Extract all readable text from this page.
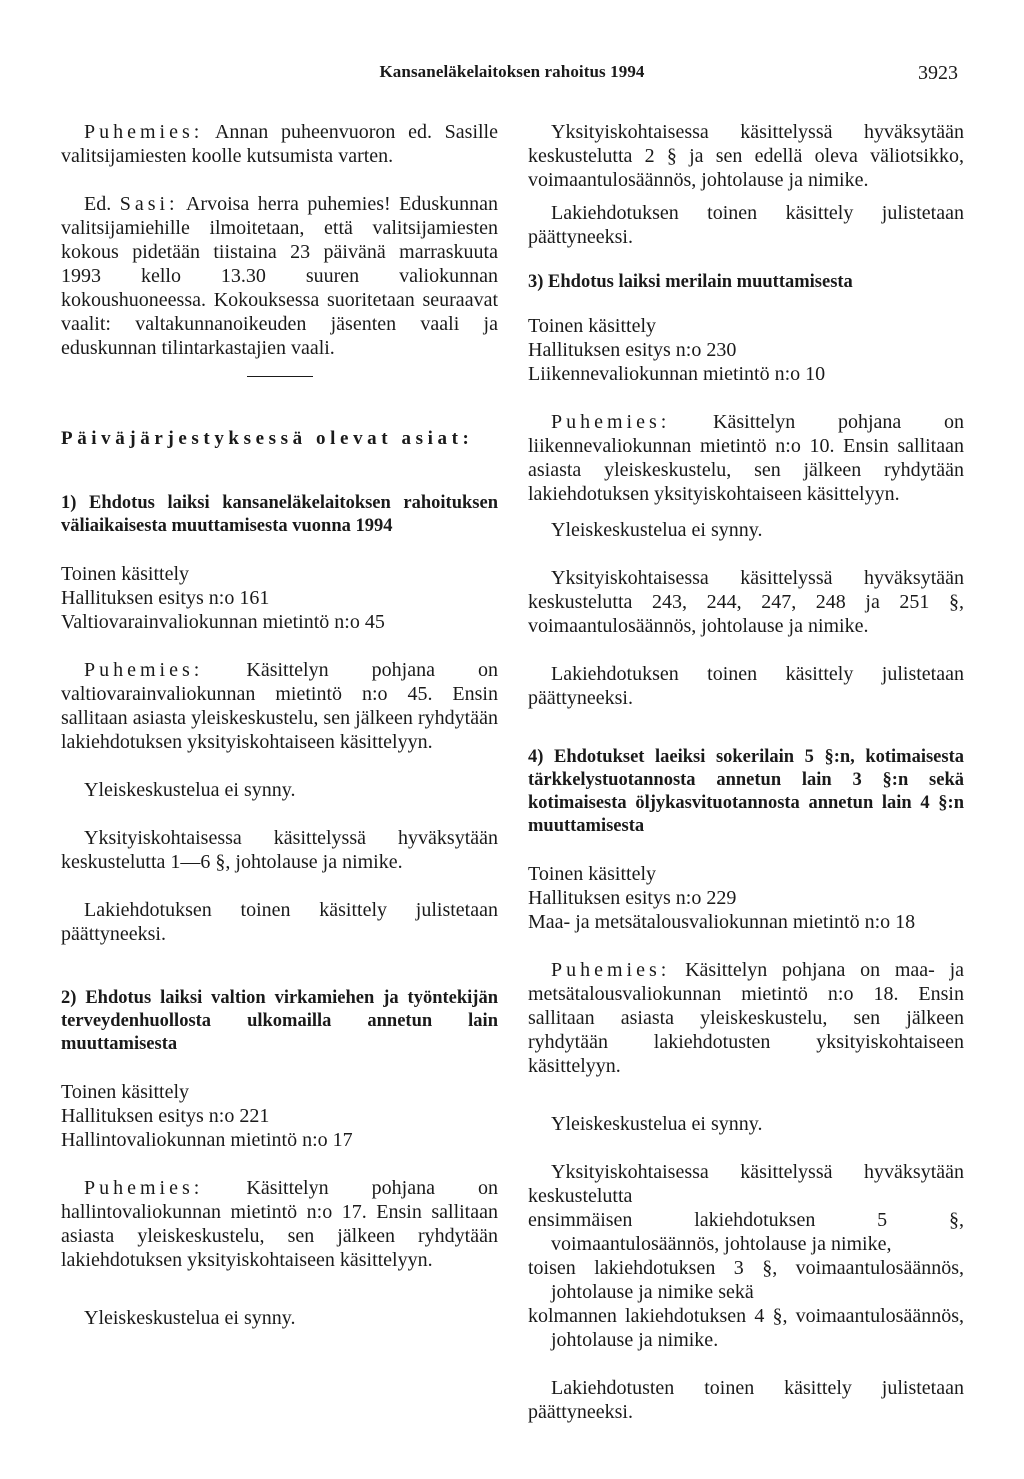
Kansaneläkelaitoksen rahoitus 1994	3923

Puhemies: Annan puheenvuoron ed. Sasille valitsijamiesten koolle kutsumista varten.

Ed. Sasi: Arvoisa herra puhemies! Eduskunnan valitsijamiehille ilmoitetaan, että valitsijamiesten kokous pidetään tiistaina 23 päivänä marraskuuta 1993 kello 13.30 suuren valiokunnan kokoushuoneessa. Kokouksessa suoritetaan seuraavat vaalit: valtakunnanoikeuden jäsenten vaali ja eduskunnan tilintarkastajien vaali.

Päiväjärjestyksessä olevat asiat:

1) Ehdotus laiksi kansaneläkelaitoksen rahoituksen väliaikaisesta muuttamisesta vuonna 1994

Toinen käsittely

Hallituksen esitys n:o 161

Valtiovarainvaliokunnan mietintö n:o 45

Puhemies: Käsittelyn pohjana on valtiovarainvaliokunnan mietintö n:o 45. Ensin sallitaan asiasta yleiskeskustelu, sen jälkeen ryhdytään lakiehdotuksen yksityiskohtaiseen käsittelyyn.

Yleiskeskustelua ei synny.

Yksityiskohtaisessa käsittelyssä hyväksytään keskustelutta 1—6 §, johtolause ja nimike.

Lakiehdotuksen toinen käsittely julistetaan päättyneeksi.

2) Ehdotus laiksi valtion virkamiehen ja työntekijän terveydenhuollosta ulkomailla annetun lain muuttamisesta

Toinen käsittely

Hallituksen esitys n:o 221

Hallintovaliokunnan mietintö n:o 17

Puhemies: Käsittelyn pohjana on hallintovaliokunnan mietintö n:o 17. Ensin sallitaan asiasta yleiskeskustelu, sen jälkeen ryhdytään lakiehdotuksen yksityiskohtaiseen käsittelyyn.

Yleiskeskustelua ei synny.

Yksityiskohtaisessa käsittelyssä hyväksytään keskustelutta 2 § ja sen edellä oleva väliotsikko, voimaantulosäännös, johtolause ja nimike.

Lakiehdotuksen toinen käsittely julistetaan päättyneeksi.

3) Ehdotus laiksi merilain muuttamisesta

Toinen käsittely

Hallituksen esitys n:o 230

Liikennevaliokunnan mietintö n:o 10

Puhemies: Käsittelyn pohjana on liikennevaliokunnan mietintö n:o 10. Ensin sallitaan asiasta yleiskeskustelu, sen jälkeen ryhdytään lakiehdotuksen yksityiskohtaiseen käsittelyyn.

Yleiskeskustelua ei synny.

Yksityiskohtaisessa käsittelyssä hyväksytään keskustelutta 243, 244, 247, 248 ja 251 §, voimaantulosäännös, johtolause ja nimike.

Lakiehdotuksen toinen käsittely julistetaan päättyneeksi.

4) Ehdotukset laeiksi sokerilain 5 §:n, kotimaisesta tärkkelystuotannosta annetun lain 3 §:n sekä kotimaisesta öljykasvituotannosta annetun lain 4 §:n muuttamisesta

Toinen käsittely

Hallituksen esitys n:o 229

Maa- ja metsätalousvaliokunnan mietintö n:o 18

Puhemies: Käsittelyn pohjana on maa- ja metsätalousvaliokunnan mietintö n:o 18. Ensin sallitaan asiasta yleiskeskustelu, sen jälkeen ryhdytään lakiehdotusten yksityiskohtaiseen käsittelyyn.

Yleiskeskustelua ei synny.

Yksityiskohtaisessa käsittelyssä hyväksytään keskustelutta

ensimmäisen lakiehdotuksen 5 §, voimaantulosäännös, johtolause ja nimike,

toisen lakiehdotuksen 3 §, voimaantulosäännös, johtolause ja nimike sekä

kolmannen lakiehdotuksen 4 §, voimaantulosäännös, johtolause ja nimike.

Lakiehdotusten toinen käsittely julistetaan päättyneeksi.
